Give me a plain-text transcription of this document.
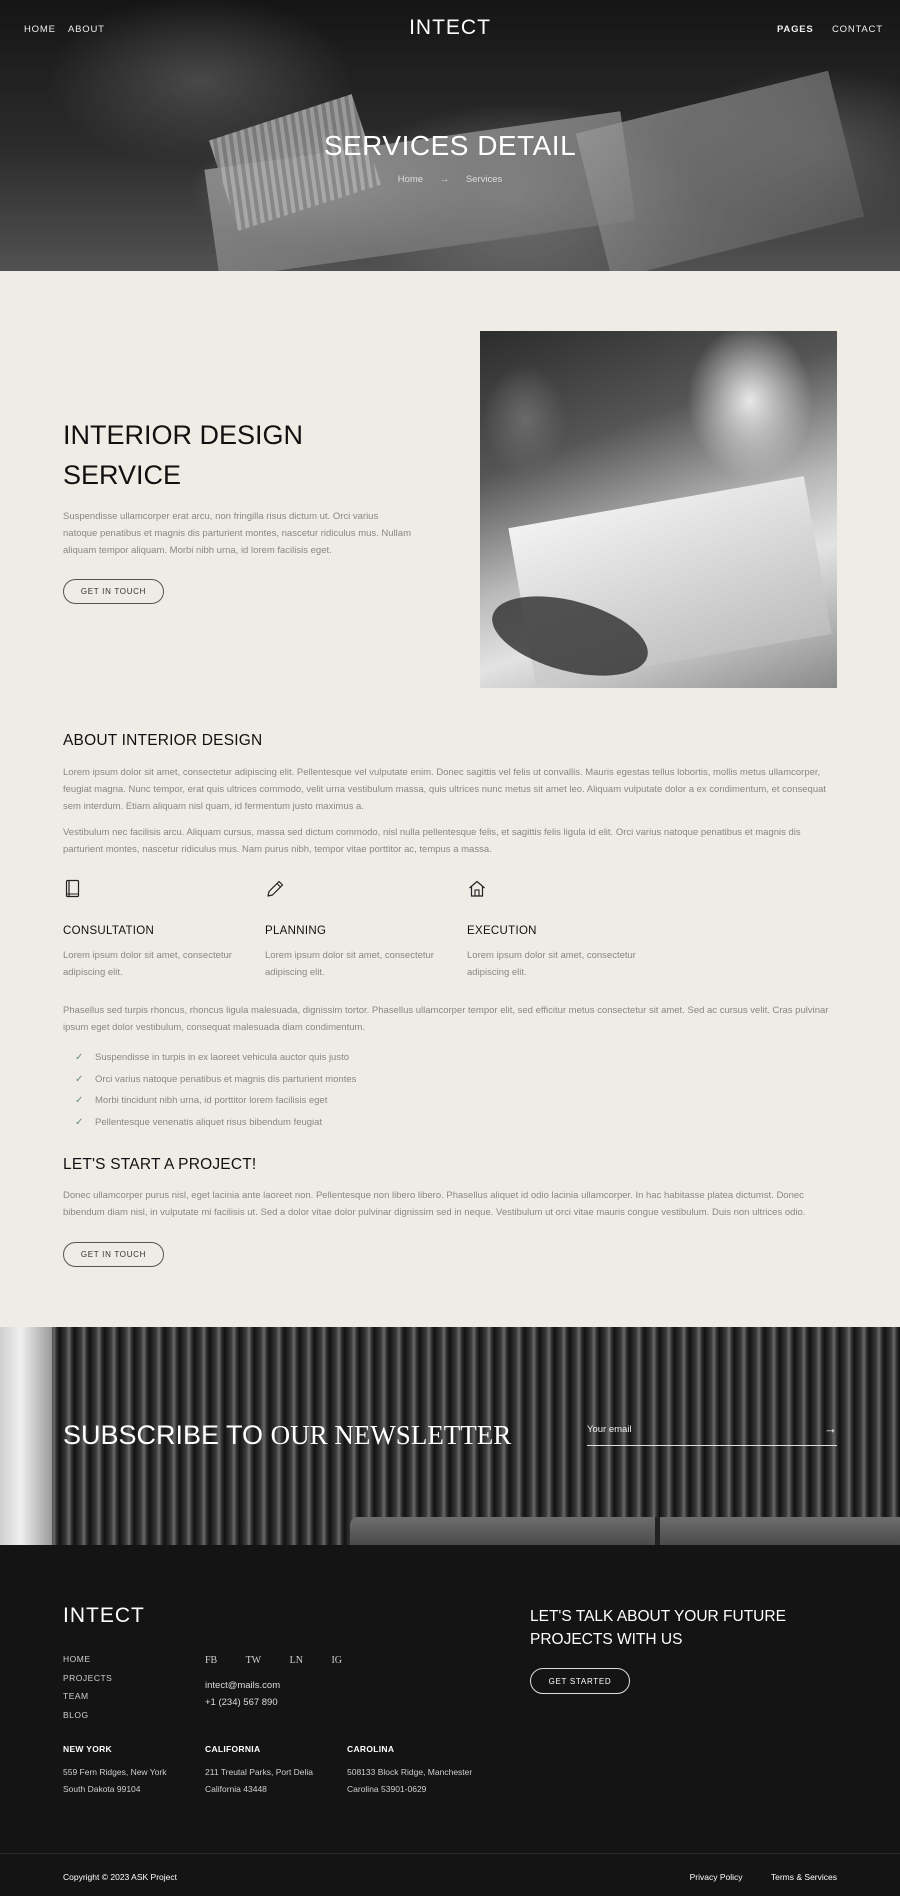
HOME ABOUT	INTECT	PAGES CONTACT
SERVICES DETAIL
Home → Services
INTERIOR DESIGN
SERVICE
Suspendisse ullamcorper erat arcu, non fringilla risus dictum ut. Orci varius natoque penatibus et magnis dis parturient montes, nascetur ridiculus mus. Nullam aliquam tempor aliquam. Morbi nibh urna, id lorem facilisis eget.
GET IN TOUCH
ABOUT INTERIOR DESIGN
Lorem ipsum dolor sit amet, consectetur adipiscing elit. Pellentesque vel vulputate enim. Donec sagittis vel felis ut convallis. Mauris egestas tellus lobortis, mollis metus ullamcorper, feugiat magna. Nunc tempor, erat quis ultrices commodo, velit urna vestibulum massa, quis ultrices nunc metus sit amet leo. Aliquam vulputate dolor a ex condimentum, et consequat sem interdum. Etiam aliquam nisl quam, id fermentum justo maximus a.
Vestibulum nec facilisis arcu. Aliquam cursus, massa sed dictum commodo, nisl nulla pellentesque felis, et sagittis felis ligula id elit. Orci varius natoque penatibus et magnis dis parturient montes, nascetur ridiculus mus. Nam purus nibh, tempor vitae porttitor ac, tempus a massa.
CONSULTATION
Lorem ipsum dolor sit amet, consectetur adipiscing elit.
PLANNING
Lorem ipsum dolor sit amet, consectetur adipiscing elit.
EXECUTION
Lorem ipsum dolor sit amet, consectetur adipiscing elit.
Phasellus sed turpis rhoncus, rhoncus ligula malesuada, dignissim tortor. Phasellus ullamcorper tempor elit, sed efficitur metus consectetur sit amet. Sed ac cursus velit. Cras pulvinar ipsum eget dolor vestibulum, consequat malesuada diam condimentum.
✓	Suspendisse in turpis in ex laoreet vehicula auctor quis justo
✓	Orci varius natoque penatibus et magnis dis parturient montes
✓	Morbi tincidunt nibh urna, id porttitor lorem facilisis eget
✓	Pellentesque venenatis aliquet risus bibendum feugiat
LET'S START A PROJECT!
Donec ullamcorper purus nisl, eget lacinia ante laoreet non. Pellentesque non libero libero. Phasellus aliquet id odio lacinia ullamcorper. In hac habitasse platea dictumst. Donec bibendum diam nisl, in vulputate mi facilisis ut. Sed a dolor vitae dolor pulvinar dignissim sed in neque. Vestibulum ut orci vitae mauris congue vestibulum. Duis non ultrices odio.
GET IN TOUCH
SUBSCRIBE TO OUR NEWSLETTER	Your email	→
INTECT
HOME
PROJECTS
TEAM
BLOG
FB	TW	LN	IG
intect@mails.com
+1 (234) 567 890
LET'S TALK ABOUT YOUR FUTURE
PROJECTS WITH US
GET STARTED
NEW YORK
559 Fern Ridges, New York
South Dakota 99104
CALIFORNIA
211 Treutal Parks, Port Delia
California 43448
CAROLINA
508133 Block Ridge, Manchester
Carolina 53901-0629
Copyright © 2023 ASK Project	Privacy Policy	Terms & Services
